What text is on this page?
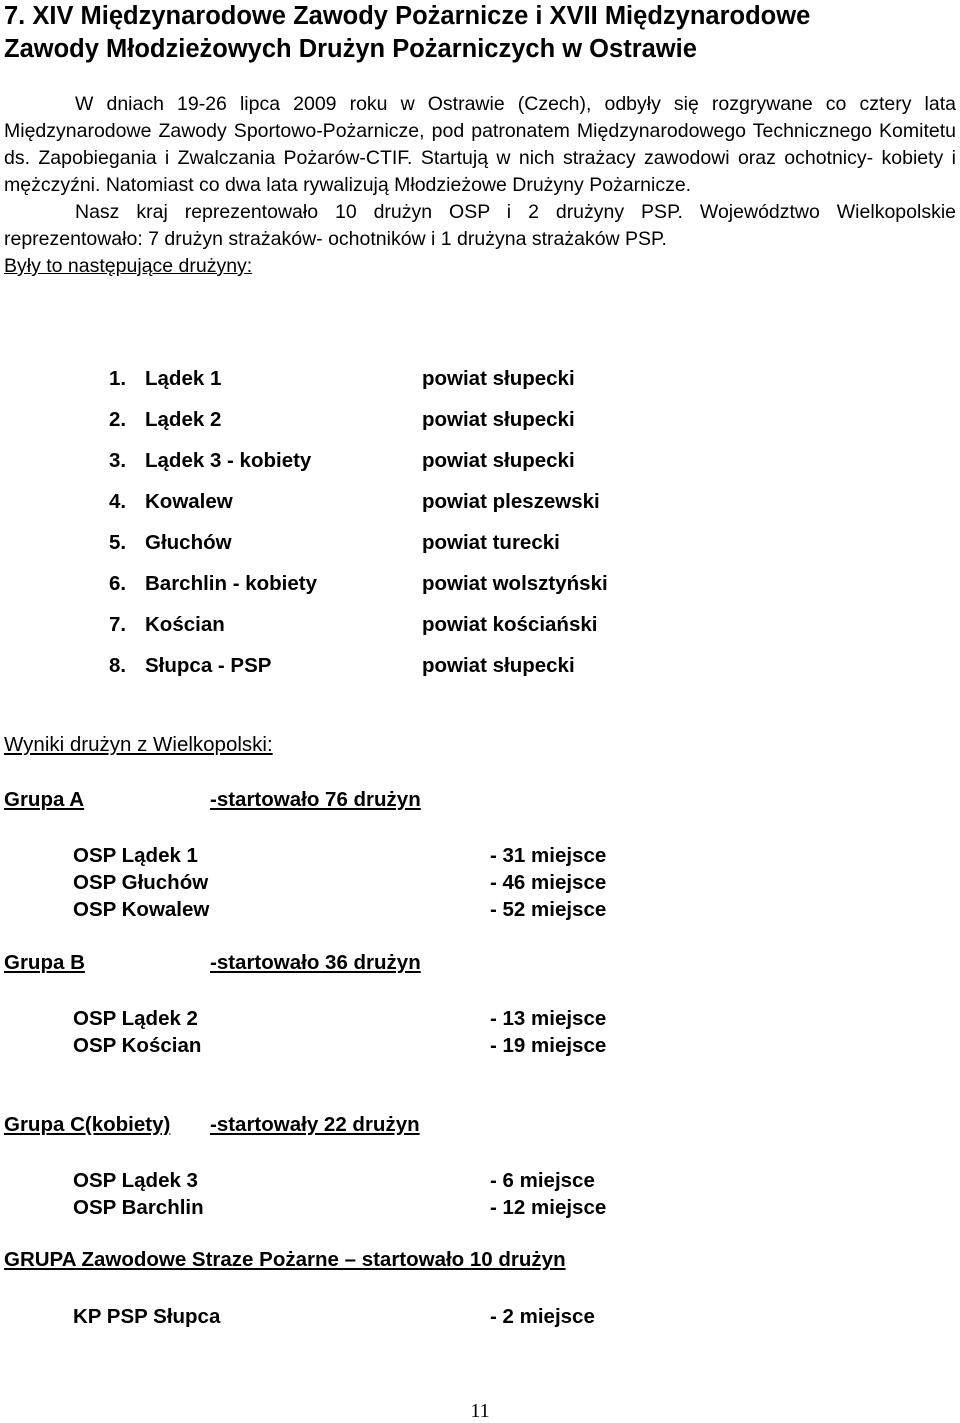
7. XIV Międzynarodowe Zawody Pożarnicze i XVII Międzynarodowe
Zawody Młodzieżowych Drużyn Pożarniczych w Ostrawie

W dniach 19-26 lipca 2009 roku w Ostrawie (Czech), odbyły się rozgrywane co cztery lata Międzynarodowe Zawody Sportowo-Pożarnicze, pod patronatem Międzynarodowego Technicznego Komitetu ds. Zapobiegania i Zwalczania Pożarów-CTIF. Startują w nich strażacy zawodowi oraz ochotnicy- kobiety i mężczyźni. Natomiast co dwa lata rywalizują Młodzieżowe Drużyny Pożarnicze.

Nasz kraj reprezentowało 10 drużyn OSP i 2 drużyny PSP. Województwo Wielkopolskie reprezentowało: 7 drużyn strażaków- ochotników i 1 drużyna strażaków PSP.

Były to następujące drużyny:

1. Lądek 1	powiat słupecki
2. Lądek 2	powiat słupecki
3. Lądek 3 - kobiety	powiat słupecki
4. Kowalew	powiat pleszewski
5. Głuchów	powiat turecki
6. Barchlin - kobiety	powiat wolsztyński
7. Kościan	powiat kościański
8. Słupca - PSP	powiat słupecki
Wyniki drużyn z Wielkopolski:
Grupa A	-startowało 76 drużyn
OSP Lądek 1	- 31 miejsce
OSP Głuchów	- 46 miejsce
OSP Kowalew	- 52 miejsce
Grupa B	-startowało 36 drużyn
OSP Lądek 2	- 13 miejsce
OSP Kościan	- 19 miejsce
Grupa C(kobiety) -startowały 22 drużyn
OSP Lądek 3	- 6 miejsce
OSP Barchlin	- 12 miejsce
GRUPA Zawodowe Straze Pożarne – startowało 10 drużyn
KP PSP Słupca	- 2 miejsce
11
